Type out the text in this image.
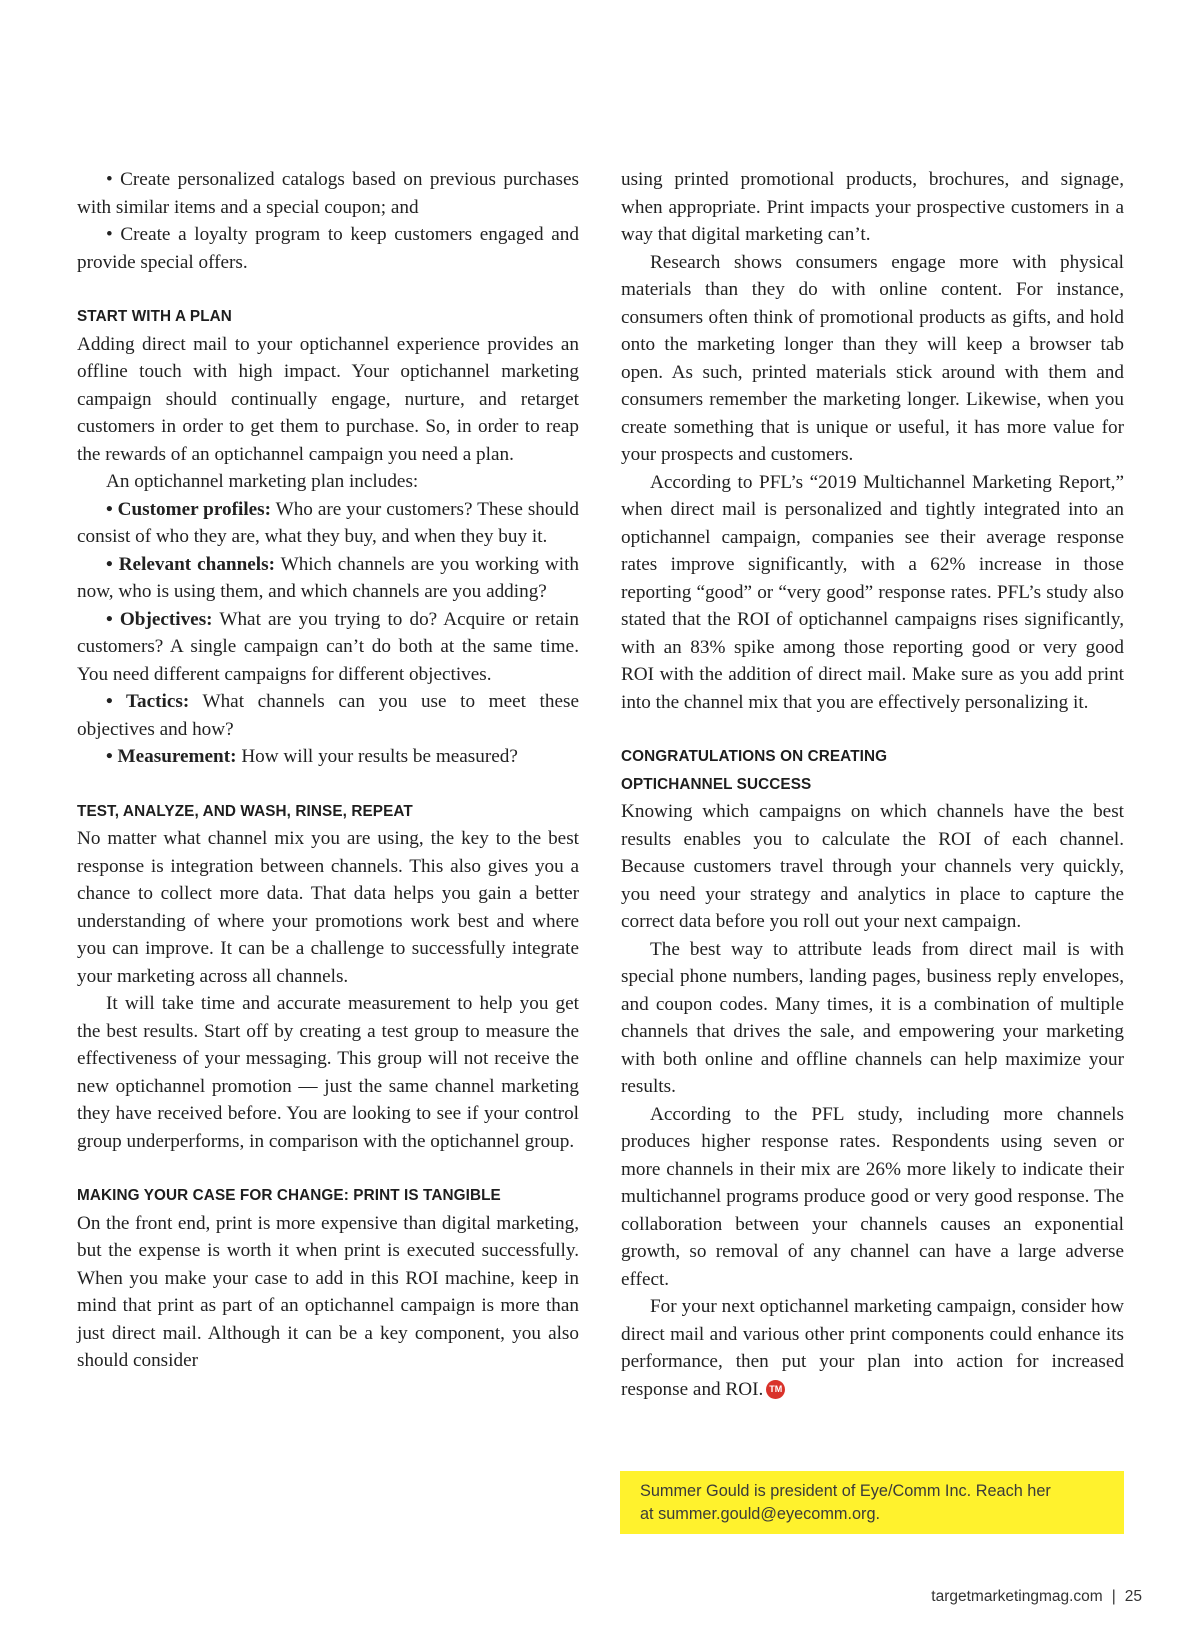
• Create personalized catalogs based on previous purchases with similar items and a special coupon; and

• Create a loyalty program to keep customers engaged and provide special offers.

START WITH A PLAN

Adding direct mail to your optichannel experience provides an offline touch with high impact. Your optichannel marketing campaign should continually engage, nurture, and retarget customers in order to get them to purchase. So, in order to reap the rewards of an optichannel campaign you need a plan.

An optichannel marketing plan includes:

• Customer profiles: Who are your customers? These should consist of who they are, what they buy, and when they buy it.

• Relevant channels: Which channels are you working with now, who is using them, and which channels are you adding?

• Objectives: What are you trying to do? Acquire or retain customers? A single campaign can’t do both at the same time. You need different campaigns for different objectives.

• Tactics: What channels can you use to meet these objectives and how?

• Measurement: How will your results be measured?

TEST, ANALYZE, AND WASH, RINSE, REPEAT

No matter what channel mix you are using, the key to the best response is integration between channels. This also gives you a chance to collect more data. That data helps you gain a better understanding of where your promotions work best and where you can improve. It can be a challenge to successfully integrate your marketing across all channels.

It will take time and accurate measurement to help you get the best results. Start off by creating a test group to measure the effectiveness of your messaging. This group will not receive the new optichannel promotion — just the same channel marketing they have received before. You are looking to see if your control group underperforms, in comparison with the optichannel group.

MAKING YOUR CASE FOR CHANGE: PRINT IS TANGIBLE

On the front end, print is more expensive than digital marketing, but the expense is worth it when print is executed successfully. When you make your case to add in this ROI machine, keep in mind that print as part of an optichannel campaign is more than just direct mail. Although it can be a key component, you also should consider

using printed promotional products, brochures, and signage, when appropriate. Print impacts your prospective customers in a way that digital marketing can’t.

Research shows consumers engage more with physical materials than they do with online content. For instance, consumers often think of promotional products as gifts, and hold onto the marketing longer than they will keep a browser tab open. As such, printed materials stick around with them and consumers remember the marketing longer. Likewise, when you create something that is unique or useful, it has more value for your prospects and customers.

According to PFL’s “2019 Multichannel Marketing Report,” when direct mail is personalized and tightly integrated into an optichannel campaign, companies see their average response rates improve significantly, with a 62% increase in those reporting “good” or “very good” response rates. PFL’s study also stated that the ROI of optichannel campaigns rises significantly, with an 83% spike among those reporting good or very good ROI with the addition of direct mail. Make sure as you add print into the channel mix that you are effectively personalizing it.

CONGRATULATIONS ON CREATING
OPTICHANNEL SUCCESS

Knowing which campaigns on which channels have the best results enables you to calculate the ROI of each channel. Because customers travel through your channels very quickly, you need your strategy and analytics in place to capture the correct data before you roll out your next campaign.

The best way to attribute leads from direct mail is with special phone numbers, landing pages, business reply envelopes, and coupon codes. Many times, it is a combination of multiple channels that drives the sale, and empowering your marketing with both online and offline channels can help maximize your results.

According to the PFL study, including more channels produces higher response rates. Respondents using seven or more channels in their mix are 26% more likely to indicate their multichannel programs produce good or very good response. The collaboration between your channels causes an exponential growth, so removal of any channel can have a large adverse effect.

For your next optichannel marketing campaign, consider how direct mail and various other print components could enhance its performance, then put your plan into action for increased response and ROI. TM

Summer Gould is president of Eye/Comm Inc. Reach her
at summer.gould@eyecomm.org.
targetmarketingmag.com | 25
